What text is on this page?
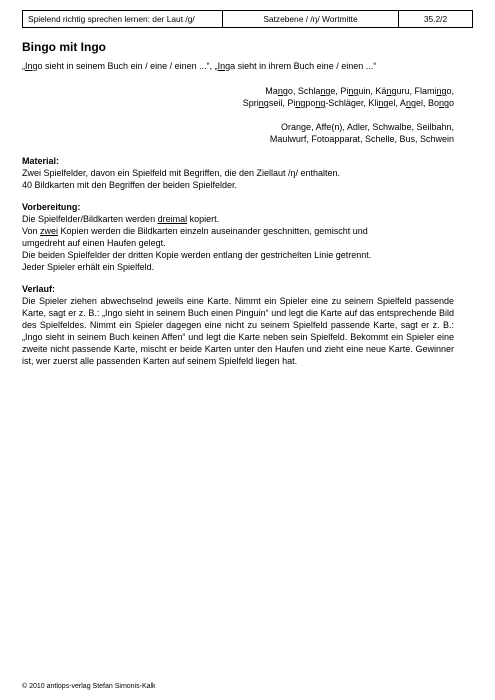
Spielend richtig sprechen lernen: der Laut /g/	Satzebene / /ŋ/ Wortmitte	35.2/2
Bingo mit Ingo
„Ingo sieht in seinem Buch ein / eine / einen ...“, „Inga sieht in ihrem Buch eine / einen ...“
Mango, Schlange, Pinguin, Känguru, Flamingo,
Springseil, Pingpong-Schläger, Klingel, Angel, Bongo
Orange, Affe(n), Adler, Schwalbe, Seilbahn,
Maulwurf, Fotoapparat, Schelle, Bus, Schwein
Material:
Zwei Spielfelder, davon ein Spielfeld mit Begriffen, die den Ziellaut /ŋ/ enthalten.
40 Bildkarten mit den Begriffen der beiden Spielfelder.
Vorbereitung:
Die Spielfelder/Bildkarten werden dreimal kopiert.
Von zwei Kopien werden die Bildkarten einzeln auseinander geschnitten, gemischt und
umgedreht auf einen Haufen gelegt.
Die beiden Spielfelder der dritten Kopie werden entlang der gestrichelten Linie getrennt.
Jeder Spieler erhält ein Spielfeld.
Verlauf:
Die Spieler ziehen abwechselnd jeweils eine Karte. Nimmt ein Spieler eine zu seinem Spielfeld passende Karte, sagt er z. B.: „Ingo sieht in seinem Buch einen Pinguin“ und legt die Karte auf das entsprechende Bild des Spielfeldes. Nimmt ein Spieler dagegen eine nicht zu seinem Spielfeld passende Karte, sagt er z. B.: „Ingo sieht in seinem Buch keinen Affen“ und legt die Karte neben sein Spielfeld. Bekommt ein Spieler eine zweite nicht passende Karte, mischt er beide Karten unter den Haufen und zieht eine neue Karte. Gewinner ist, wer zuerst alle passenden Karten auf seinem Spielfeld liegen hat.
© 2010 antlops-verlag Stefan Simonis-Kalk
